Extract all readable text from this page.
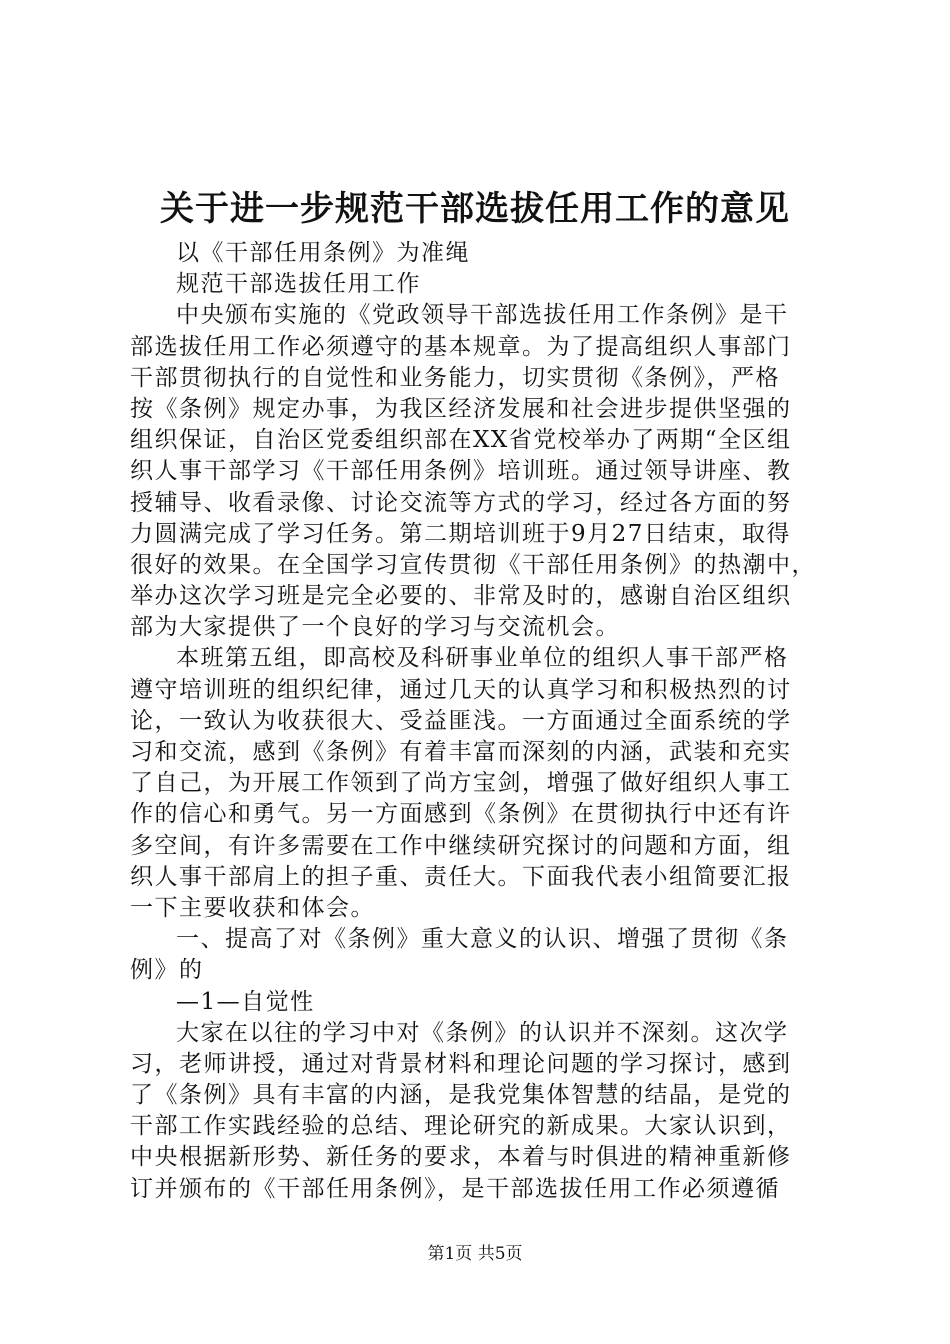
关于进一步规范干部选拔任用工作的意见
以《干部任用条例》为准绳
规范干部选拔任用工作
中央颁布实施的《党政领导干部选拔任用工作条例》是干
部选拔任用工作必须遵守的基本规章。为了提高组织人事部门
干部贯彻执行的自觉性和业务能力，切实贯彻《条例》，严格
按《条例》规定办事，为我区经济发展和社会进步提供坚强的
组织保证，自治区党委组织部在XX省党校举办了两期“全区组
织人事干部学习《干部任用条例》培训班。通过领导讲座、教
授辅导、收看录像、讨论交流等方式的学习，经过各方面的努
力圆满完成了学习任务。第二期培训班于9月27日结束，取得
很好的效果。在全国学习宣传贯彻《干部任用条例》的热潮中，
举办这次学习班是完全必要的、非常及时的，感谢自治区组织
部为大家提供了一个良好的学习与交流机会。
本班第五组，即高校及科研事业单位的组织人事干部严格
遵守培训班的组织纪律，通过几天的认真学习和积极热烈的讨
论，一致认为收获很大、受益匪浅。一方面通过全面系统的学
习和交流，感到《条例》有着丰富而深刻的内涵，武装和充实
了自己，为开展工作领到了尚方宝剑，增强了做好组织人事工
作的信心和勇气。另一方面感到《条例》在贯彻执行中还有许
多空间，有许多需要在工作中继续研究探讨的问题和方面，组
织人事干部肩上的担子重、责任大。下面我代表小组简要汇报
一下主要收获和体会。
一、提高了对《条例》重大意义的认识、增强了贯彻《条
例》的
—1—自觉性
大家在以往的学习中对《条例》的认识并不深刻。这次学
习，老师讲授，通过对背景材料和理论问题的学习探讨，感到
了《条例》具有丰富的内涵，是我党集体智慧的结晶，是党的
干部工作实践经验的总结、理论研究的新成果。大家认识到，
中央根据新形势、新任务的要求，本着与时俱进的精神重新修
订并颁布的《干部任用条例》，是干部选拔任用工作必须遵循
第1页 共5页
